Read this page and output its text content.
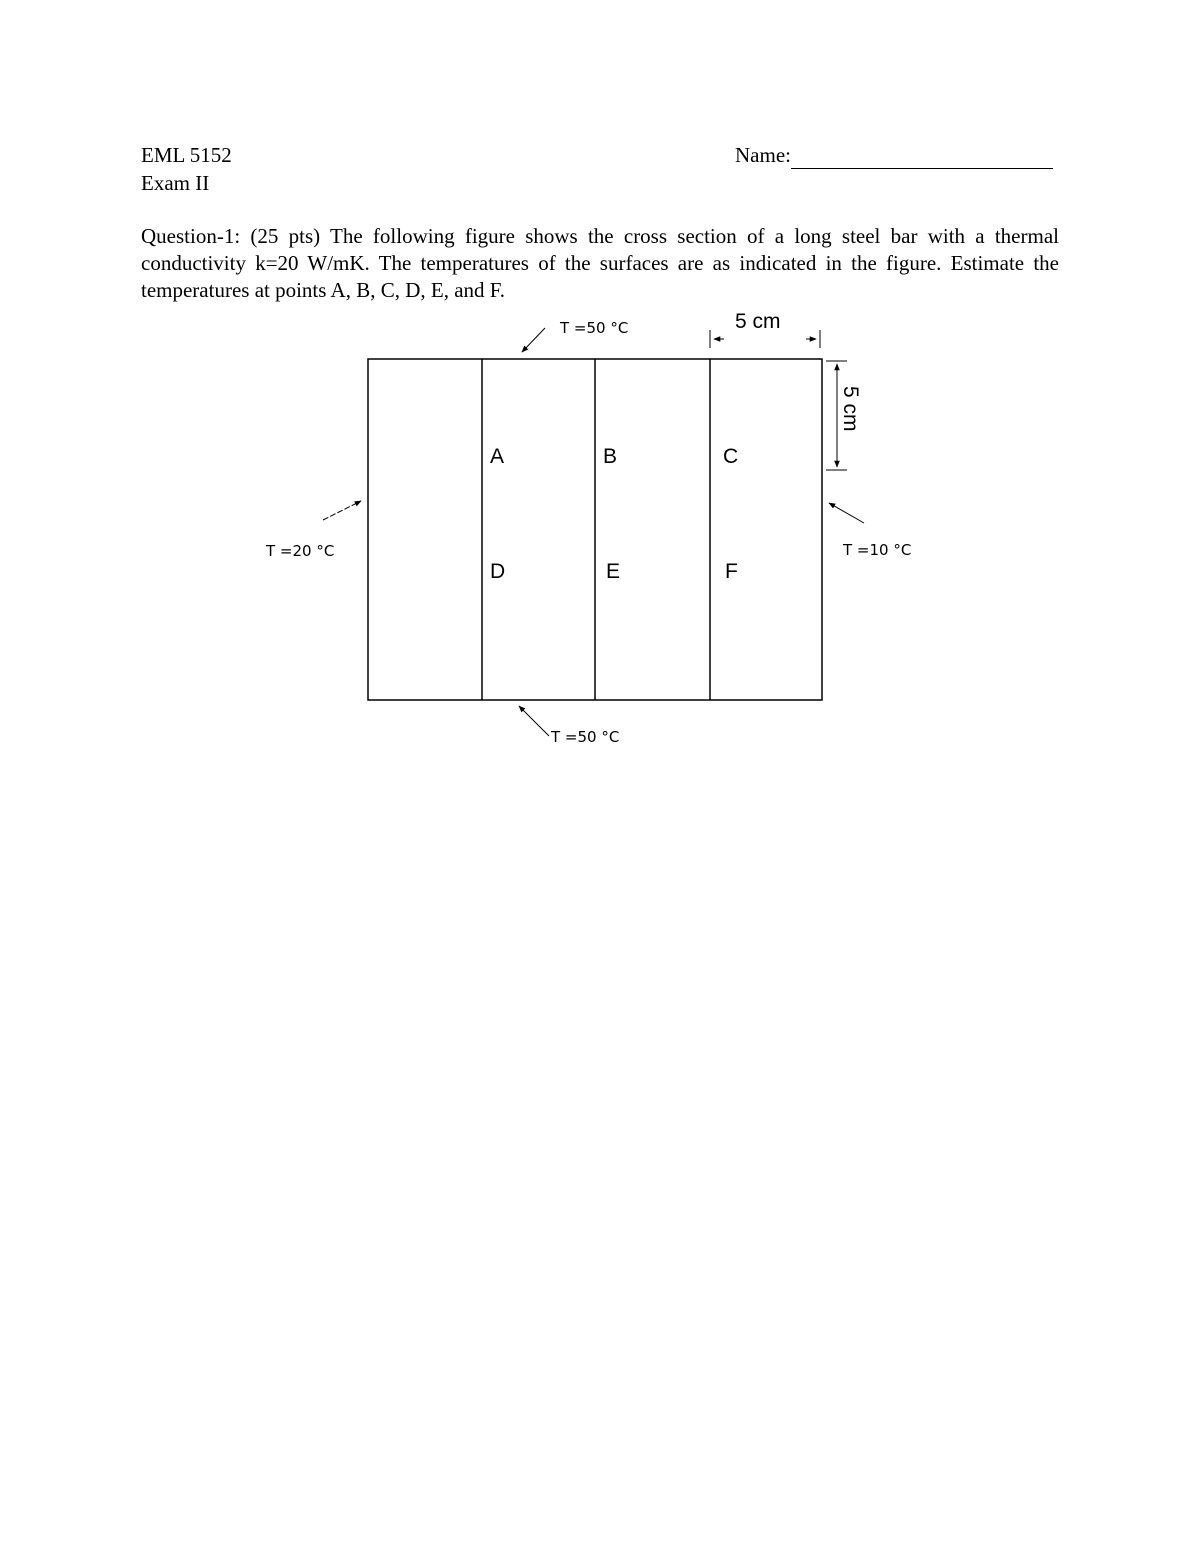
EML 5152
Exam II
Name:
Question-1: (25 pts) The following figure shows the cross section of a long steel bar with a thermal conductivity k=20 W/mK. The temperatures of the surfaces are as indicated in the figure. Estimate the temperatures at points A, B, C, D, E, and F.
A	B	C
D	E	F
T =50 °C
T =50 °C
T =20 °C	T =10 °C
5 cm
5 cm
